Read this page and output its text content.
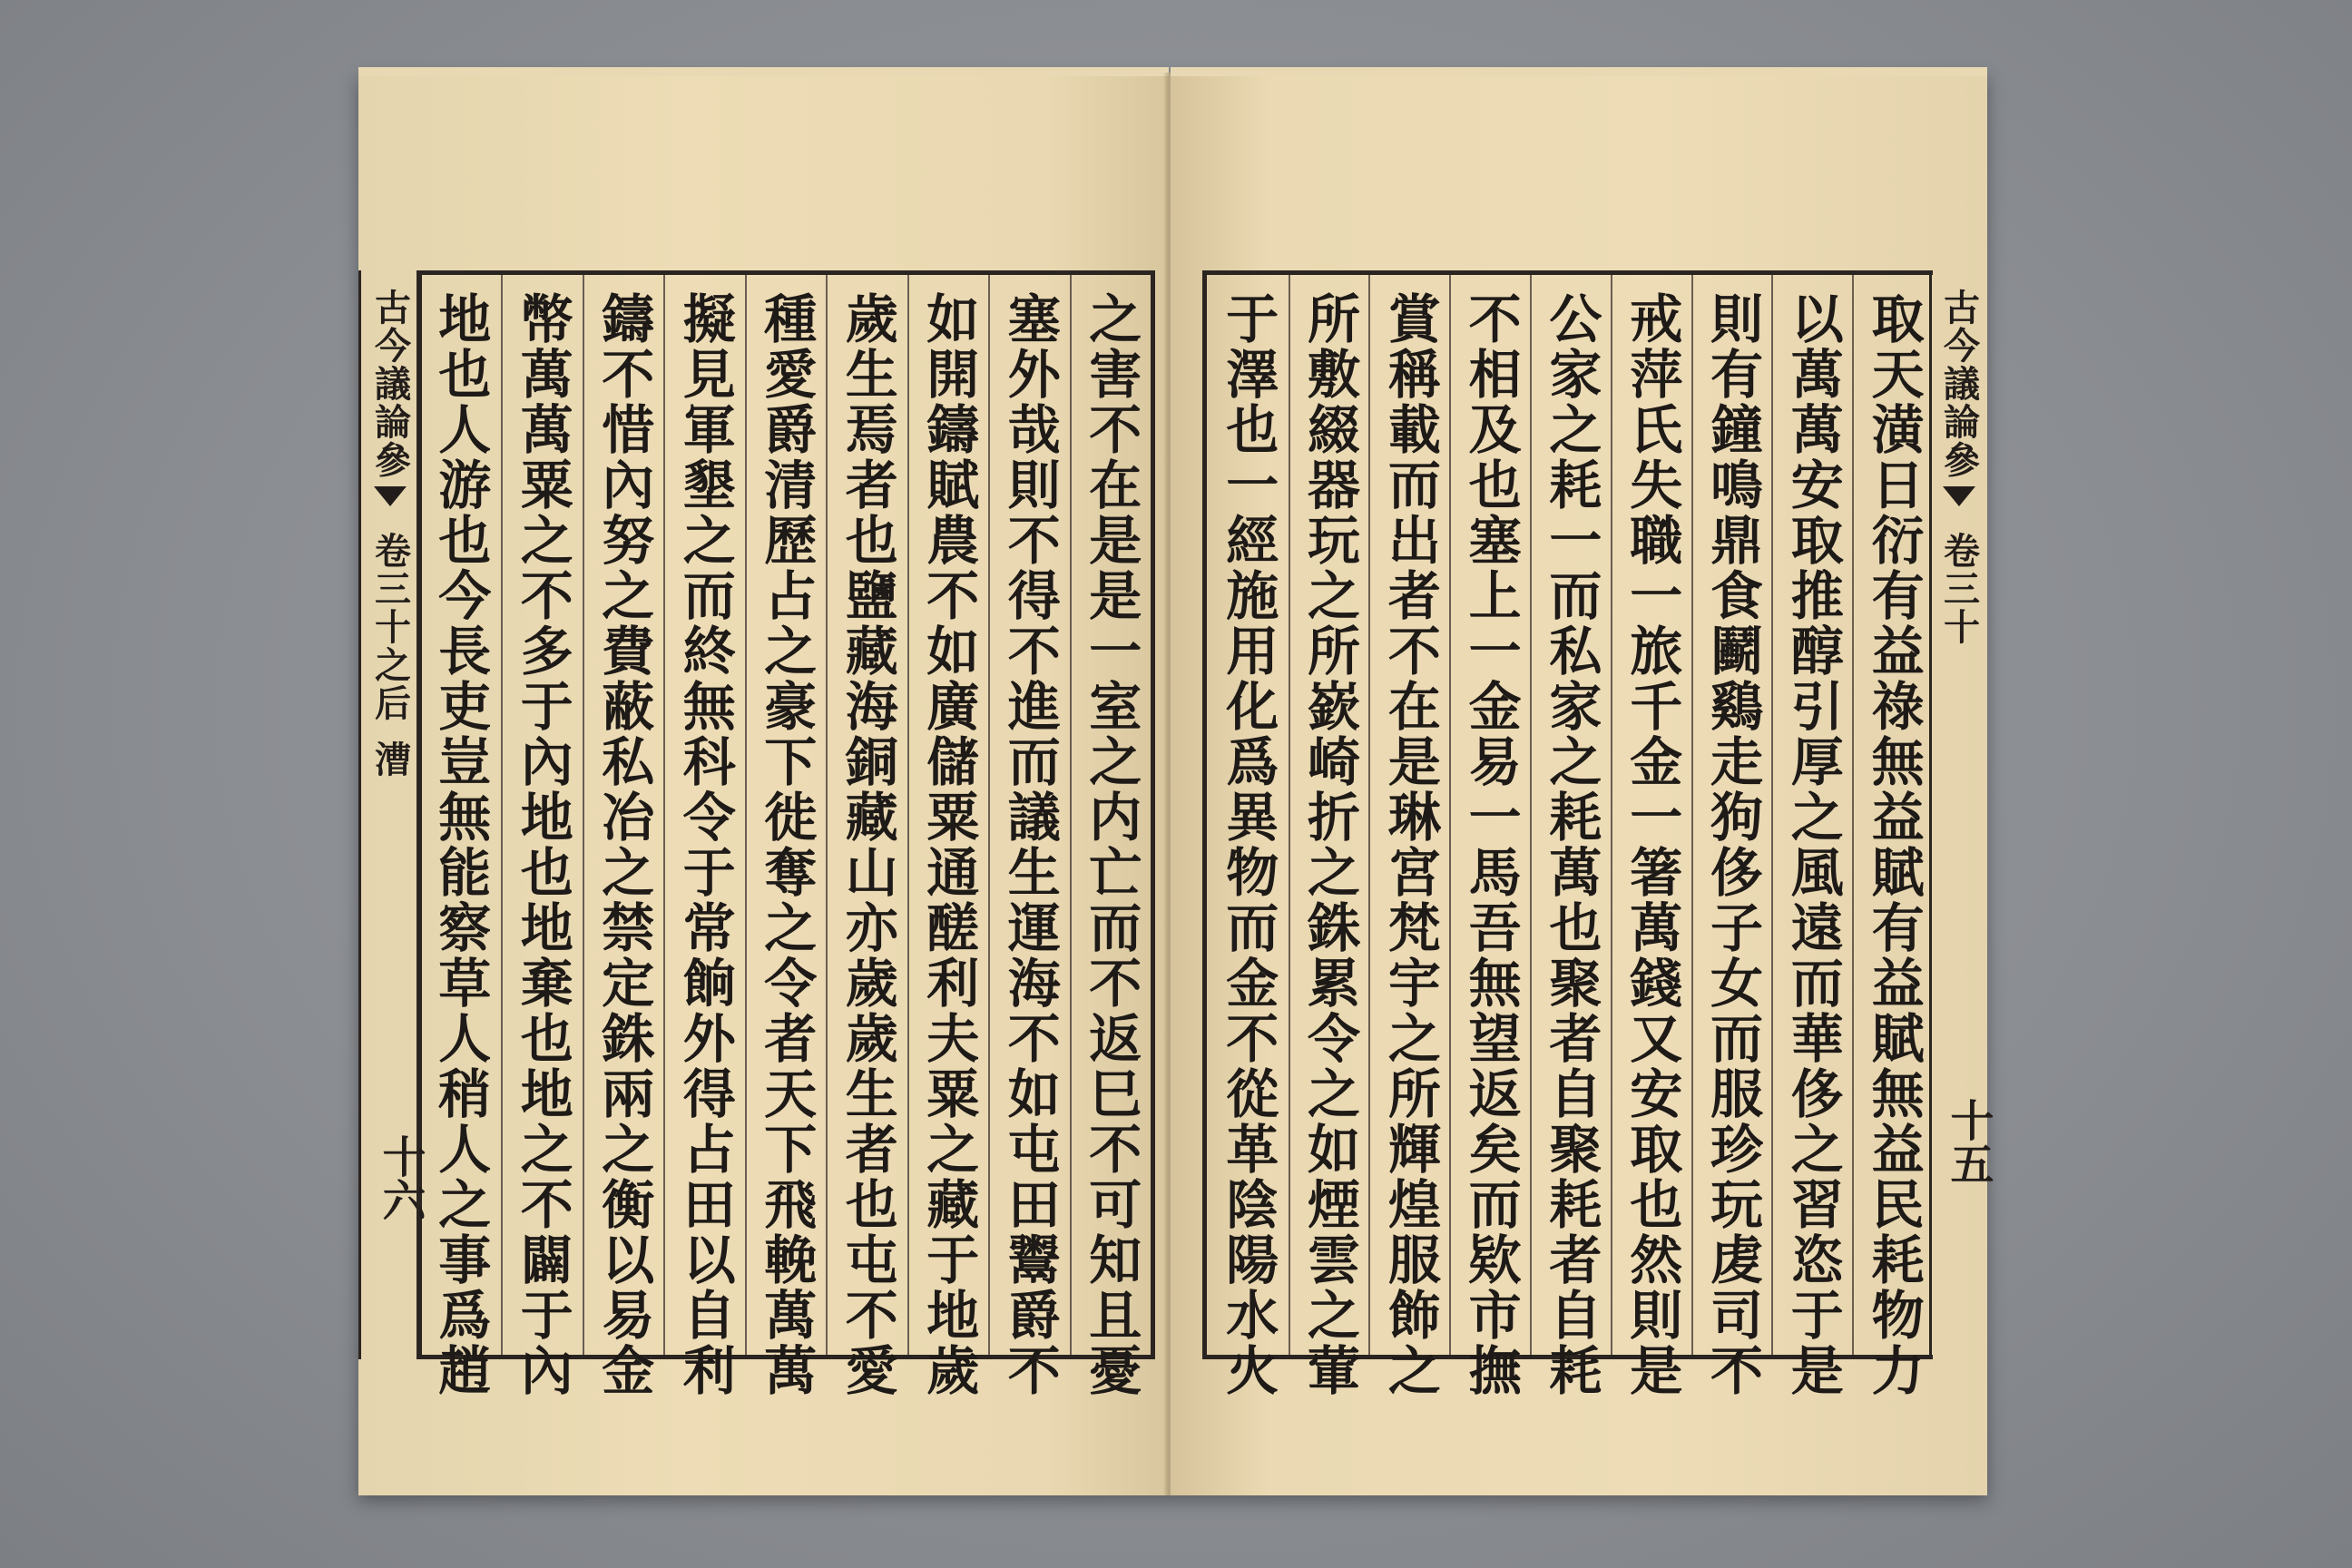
古今議論參
卷三十之后
漕
十六	之害不在是是一室之内亡而不返巳不可知且憂
塞外哉則不得不進而議生運海不如屯田鬻爵不
如開鑄賦農不如廣儲粟通醝利夫粟之藏于地歲
歲生焉者也鹽藏海銅藏山亦歲歲生者也屯不愛
種愛爵清歷占之豪下徙奪之令者天下飛輓萬萬
擬見軍墾之而終無科令于常餉外得占田以自利
鑄不惜內努之費蔽私冶之禁定銖兩之衡以易金
幣萬萬粟之不多于內地也地棄也地之不闢于內
地也人游也今長吏豈無能察草人稍人之事爲趙	取天潢日衍有益祿無益賦有益賦無益民耗物力
以萬萬安取推醇引厚之風遠而華侈之習恣于是
則有鐘鳴鼎食鬬鷄走狗侈子女而服珍玩䖍司不
戒萍氏失職一旅千金一箸萬錢又安取也然則是
公家之耗一而私家之耗萬也聚者自聚耗者自耗
不相及也塞上一金易一馬吾無望返矣而欵市撫
賞稱載而出者不在是琳宮梵宇之所輝煌服飾之
所敷綴器玩之所嶔崎折之銖累令之如煙雲之葷
于澤也一經施用化爲異物而金不從革陰陽水火	古今議論參
卷三十
十五
